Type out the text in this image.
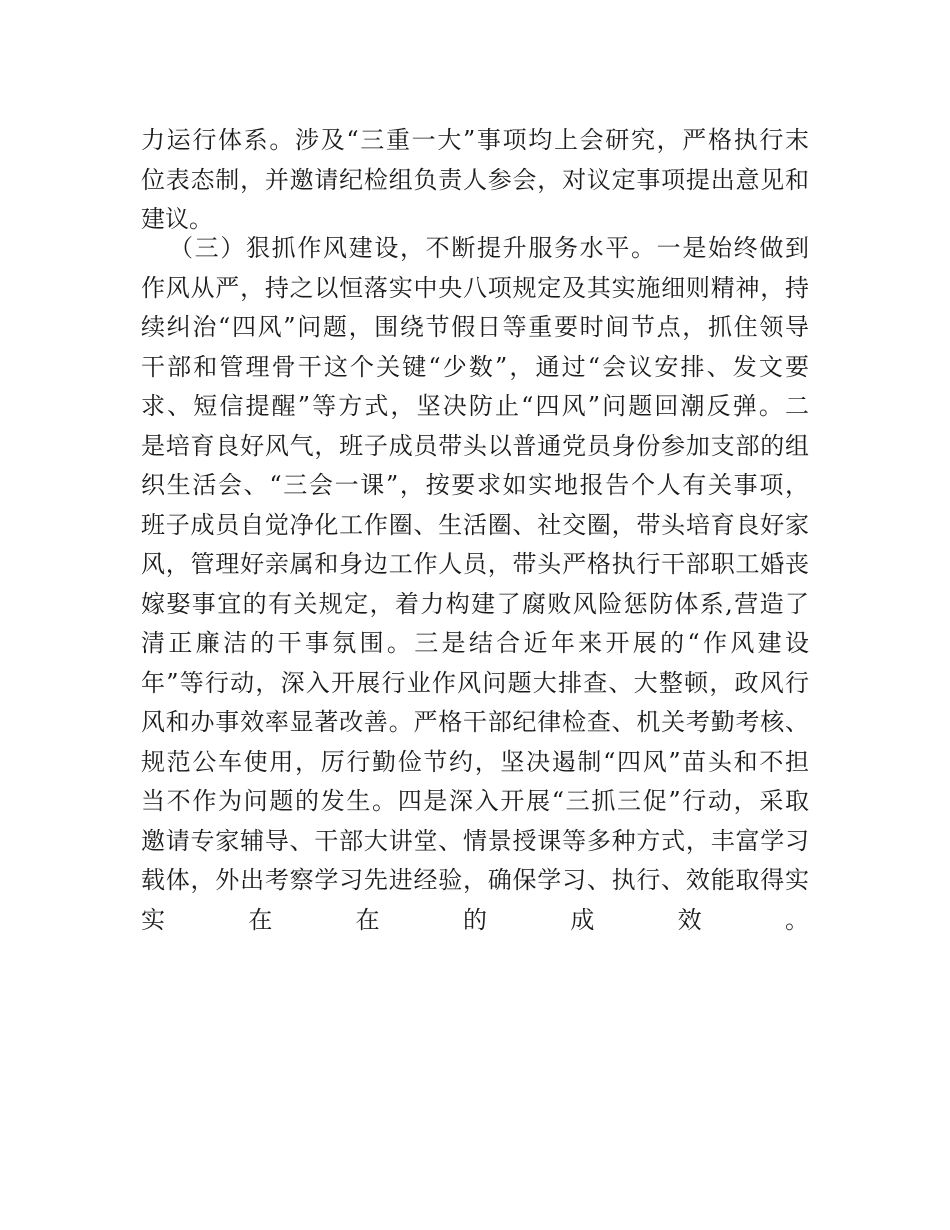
力运行体系。涉及“三重一大”事项均上会研究，严格执行末
位表态制，并邀请纪检组负责人参会，对议定事项提出意见和
建议。
（三）狠抓作风建设，不断提升服务水平。一是始终做到
作风从严，持之以恒落实中央八项规定及其实施细则精神，持
续纠治“四风”问题，围绕节假日等重要时间节点，抓住领导
干部和管理骨干这个关键“少数”，通过“会议安排、发文要
求、短信提醒”等方式，坚决防止“四风”问题回潮反弹。二
是培育良好风气，班子成员带头以普通党员身份参加支部的组
织生活会、“三会一课”，按要求如实地报告个人有关事项，
班子成员自觉净化工作圈、生活圈、社交圈，带头培育良好家
风，管理好亲属和身边工作人员，带头严格执行干部职工婚丧
嫁娶事宜的有关规定，着力构建了腐败风险惩防体系,营造了
清正廉洁的干事氛围。三是结合近年来开展的“作风建设
年”等行动，深入开展行业作风问题大排查、大整顿，政风行
风和办事效率显著改善。严格干部纪律检查、机关考勤考核、
规范公车使用，厉行勤俭节约，坚决遏制“四风”苗头和不担
当不作为问题的发生。四是深入开展“三抓三促”行动，采取
邀请专家辅导、干部大讲堂、情景授课等多种方式，丰富学习
载体，外出考察学习先进经验，确保学习、执行、效能取得实
实在在的成效。
